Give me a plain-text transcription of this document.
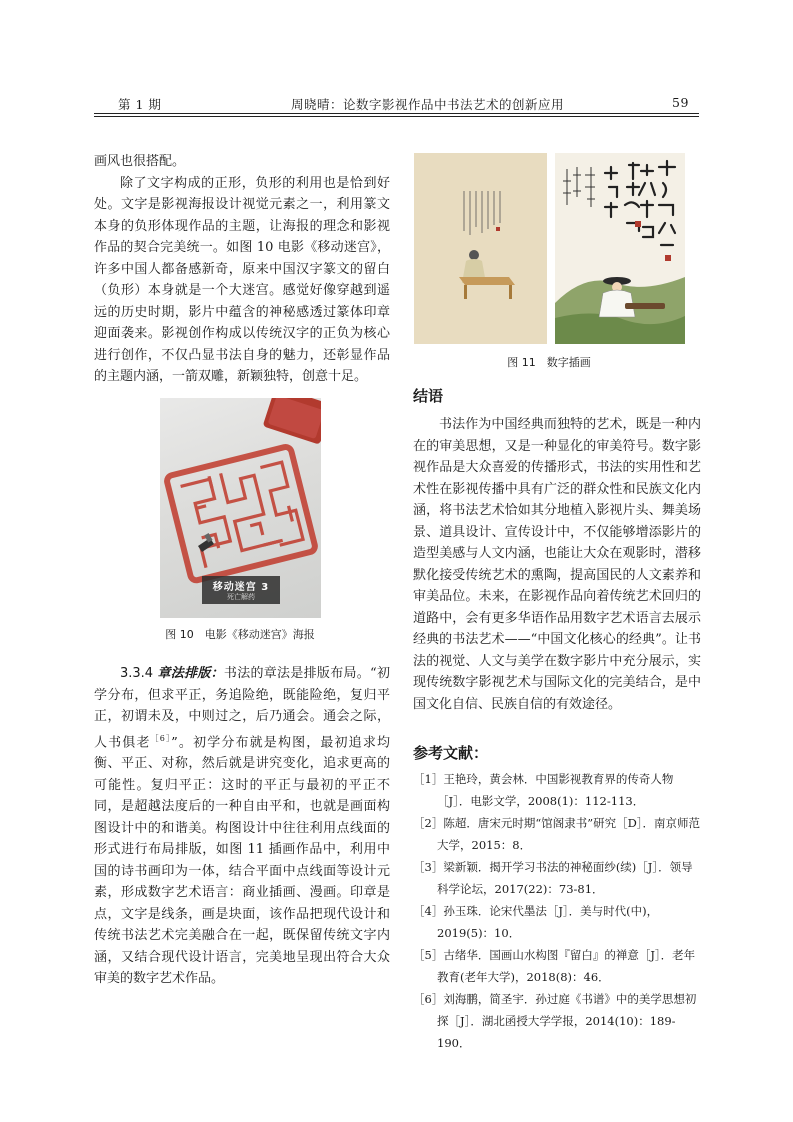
第 1 期	周晓晴：论数字影视作品中书法艺术的创新应用	59

画风也很搭配。

除了文字构成的正形，负形的利用也是恰到好处。文字是影视海报设计视觉元素之一，利用篆文本身的负形体现作品的主题，让海报的理念和影视作品的契合完美统一。如图 10 电影《移动迷宫》，许多中国人都备感新奇，原来中国汉字篆文的留白（负形）本身就是一个大迷宫。感觉好像穿越到遥远的历史时期，影片中蕴含的神秘感透过篆体印章迎面袭来。影视创作构成以传统汉字的正负为核心进行创作，不仅凸显书法自身的魅力，还彰显作品的主题内涵，一箭双雕，新颖独特，创意十足。

移动迷宫 3
死亡解药
图 10　电影《移动迷宫》海报

3.3.4 章法排版：书法的章法是排版布局。“初学分布，但求平正，务追险绝，既能险绝，复归平正，初谓未及，中则过之，后乃通会。通会之际，人书俱老$^{[6]}$”。初学分布就是构图，最初追求均衡、平正、对称，然后就是讲究变化，追求更高的可能性。复归平正：这时的平正与最初的平正不同，是超越法度后的一种自由平和，也就是画面构图设计中的和谐美。构图设计中往往利用点线面的形式进行布局排版，如图 11 插画作品中，利用中国的诗书画印为一体，结合平面中点线面等设计元素，形成数字艺术语言：商业插画、漫画。印章是点，文字是线条，画是块面，该作品把现代设计和传统书法艺术完美融合在一起，既保留传统文字内涵，又结合现代设计语言，完美地呈现出符合大众审美的数字艺术作品。

图 11　数字插画
结语

书法作为中国经典而独特的艺术，既是一种内在的审美思想，又是一种显化的审美符号。数字影视作品是大众喜爱的传播形式，书法的实用性和艺术性在影视传播中具有广泛的群众性和民族文化内涵，将书法艺术恰如其分地植入影视片头、舞美场景、道具设计、宣传设计中，不仅能够增添影片的造型美感与人文内涵，也能让大众在观影时，潜移默化接受传统艺术的熏陶，提高国民的人文素养和审美品位。未来，在影视作品向着传统艺术回归的道路中，会有更多华语作品用数字艺术语言去展示经典的书法艺术——“中国文化核心的经典”。让书法的视觉、人文与美学在数字影片中充分展示，实现传统数字影视艺术与国际文化的完美结合，是中国文化自信、民族自信的有效途径。

参考文献：

［1］王艳玲，黄会林．中国影视教育界的传奇人物［J］．电影文学，2008(1)：112-113．

［2］陈超．唐宋元时期“馆阁隶书”研究［D］．南京师范大学，2015：8．

［3］梁新颖．揭开学习书法的神秘面纱(续)［J］．领导科学论坛，2017(22)：73-81．

［4］孙玉珠．论宋代墨法［J］．美与时代(中)，2019(5)：10．

［5］古绪华．国画山水构图『留白』的禅意［J］．老年教育(老年大学)，2018(8)：46．

［6］刘海鹏，简圣宇．孙过庭《书谱》中的美学思想初探［J］．湖北函授大学学报，2014(10)：189-190．
